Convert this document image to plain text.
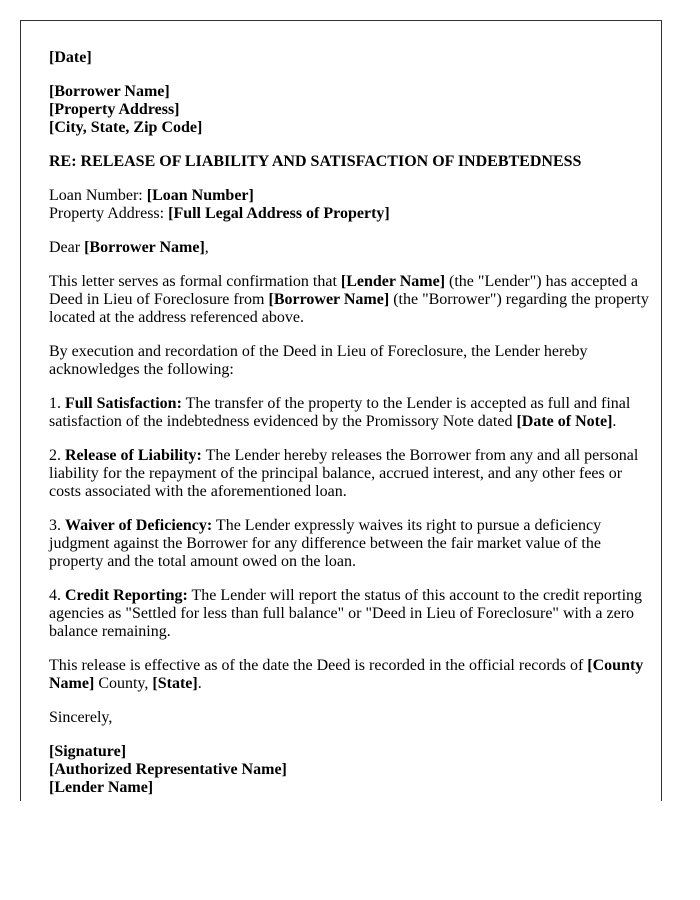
[Date]

[Borrower Name]
[Property Address]
[City, State, Zip Code]

RE: RELEASE OF LIABILITY AND SATISFACTION OF INDEBTEDNESS

Loan Number: [Loan Number]
Property Address: [Full Legal Address of Property]

Dear [Borrower Name],

This letter serves as formal confirmation that [Lender Name] (the "Lender") has accepted a Deed in Lieu of Foreclosure from [Borrower Name] (the "Borrower") regarding the property located at the address referenced above.

By execution and recordation of the Deed in Lieu of Foreclosure, the Lender hereby acknowledges the following:

1. Full Satisfaction: The transfer of the property to the Lender is accepted as full and final satisfaction of the indebtedness evidenced by the Promissory Note dated [Date of Note].

2. Release of Liability: The Lender hereby releases the Borrower from any and all personal liability for the repayment of the principal balance, accrued interest, and any other fees or costs associated with the aforementioned loan.

3. Waiver of Deficiency: The Lender expressly waives its right to pursue a deficiency judgment against the Borrower for any difference between the fair market value of the property and the total amount owed on the loan.

4. Credit Reporting: The Lender will report the status of this account to the credit reporting agencies as "Settled for less than full balance" or "Deed in Lieu of Foreclosure" with a zero balance remaining.

This release is effective as of the date the Deed is recorded in the official records of [County Name] County, [State].

Sincerely,

[Signature]
[Authorized Representative Name]
[Lender Name]
